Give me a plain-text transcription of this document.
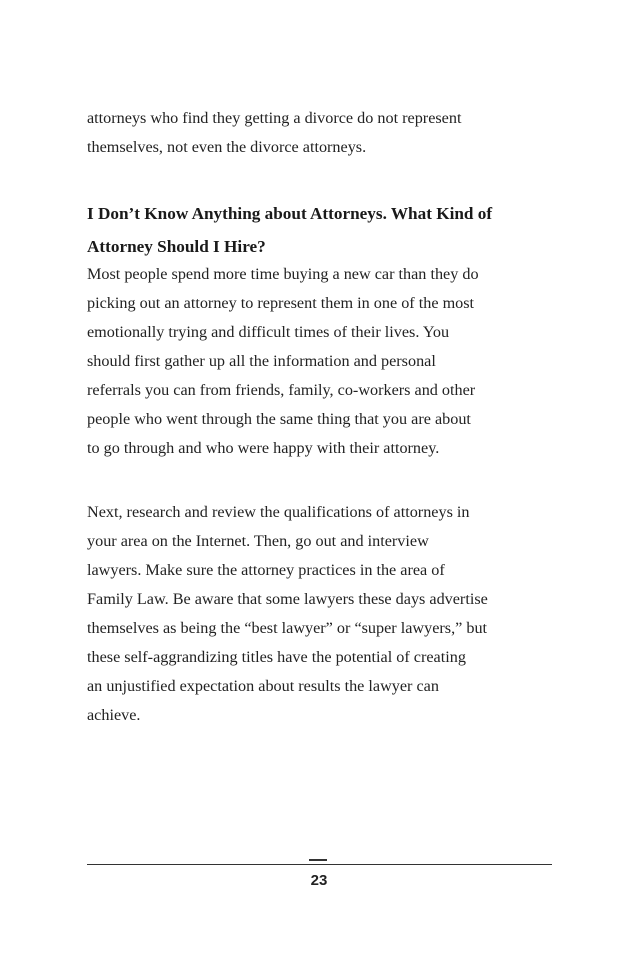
attorneys who find they getting a divorce do not represent
themselves, not even the divorce attorneys.

I Don’t Know Anything about Attorneys. What Kind of
Attorney Should I Hire?

Most people spend more time buying a new car than they do
picking out an attorney to represent them in one of the most
emotionally trying and difficult times of their lives. You
should first gather up all the information and personal
referrals you can from friends, family, co-workers and other
people who went through the same thing that you are about
to go through and who were happy with their attorney.

Next, research and review the qualifications of attorneys in
your area on the Internet. Then, go out and interview
lawyers. Make sure the attorney practices in the area of
Family Law. Be aware that some lawyers these days advertise
themselves as being the “best lawyer” or “super lawyers,” but
these self-aggrandizing titles have the potential of creating
an unjustified expectation about results the lawyer can
achieve.

23
